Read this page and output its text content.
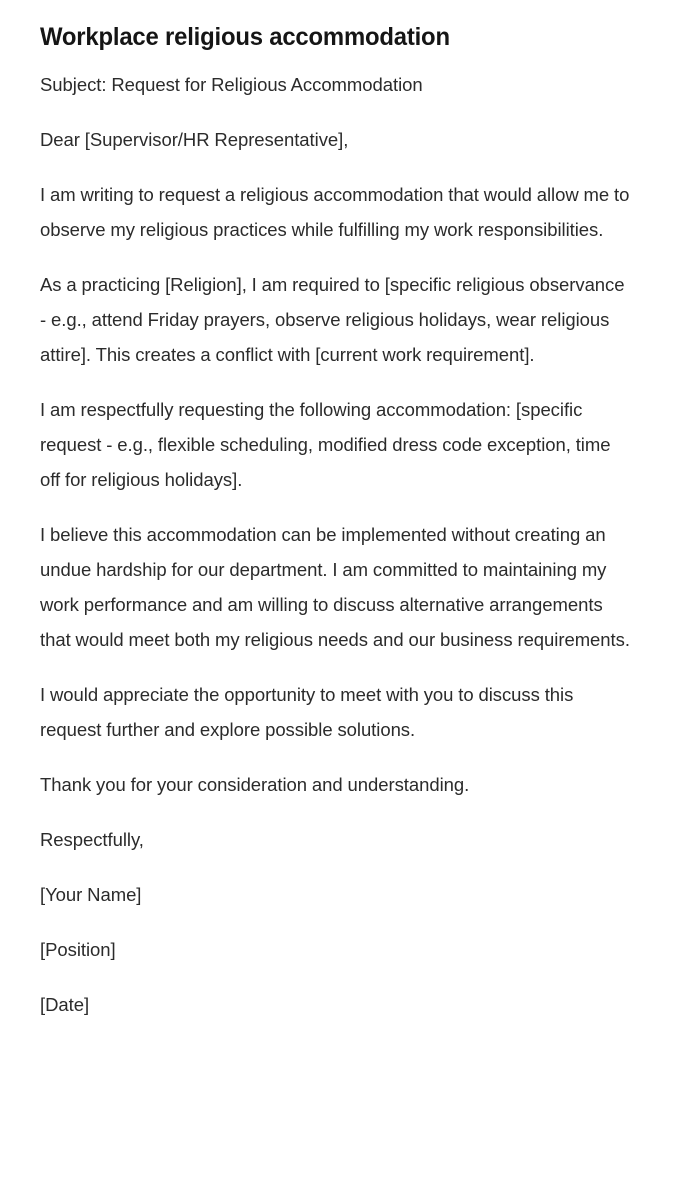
Workplace religious accommodation

Subject: Request for Religious Accommodation

Dear [Supervisor/HR Representative],

I am writing to request a religious accommodation that would allow me to observe my religious practices while fulfilling my work responsibilities.

As a practicing [Religion], I am required to [specific religious observance - e.g., attend Friday prayers, observe religious holidays, wear religious attire]. This creates a conflict with [current work requirement].

I am respectfully requesting the following accommodation: [specific request - e.g., flexible scheduling, modified dress code exception, time off for religious holidays].

I believe this accommodation can be implemented without creating an undue hardship for our department. I am committed to maintaining my work performance and am willing to discuss alternative arrangements that would meet both my religious needs and our business requirements.

I would appreciate the opportunity to meet with you to discuss this request further and explore possible solutions.

Thank you for your consideration and understanding.

Respectfully,

[Your Name]

[Position]

[Date]
